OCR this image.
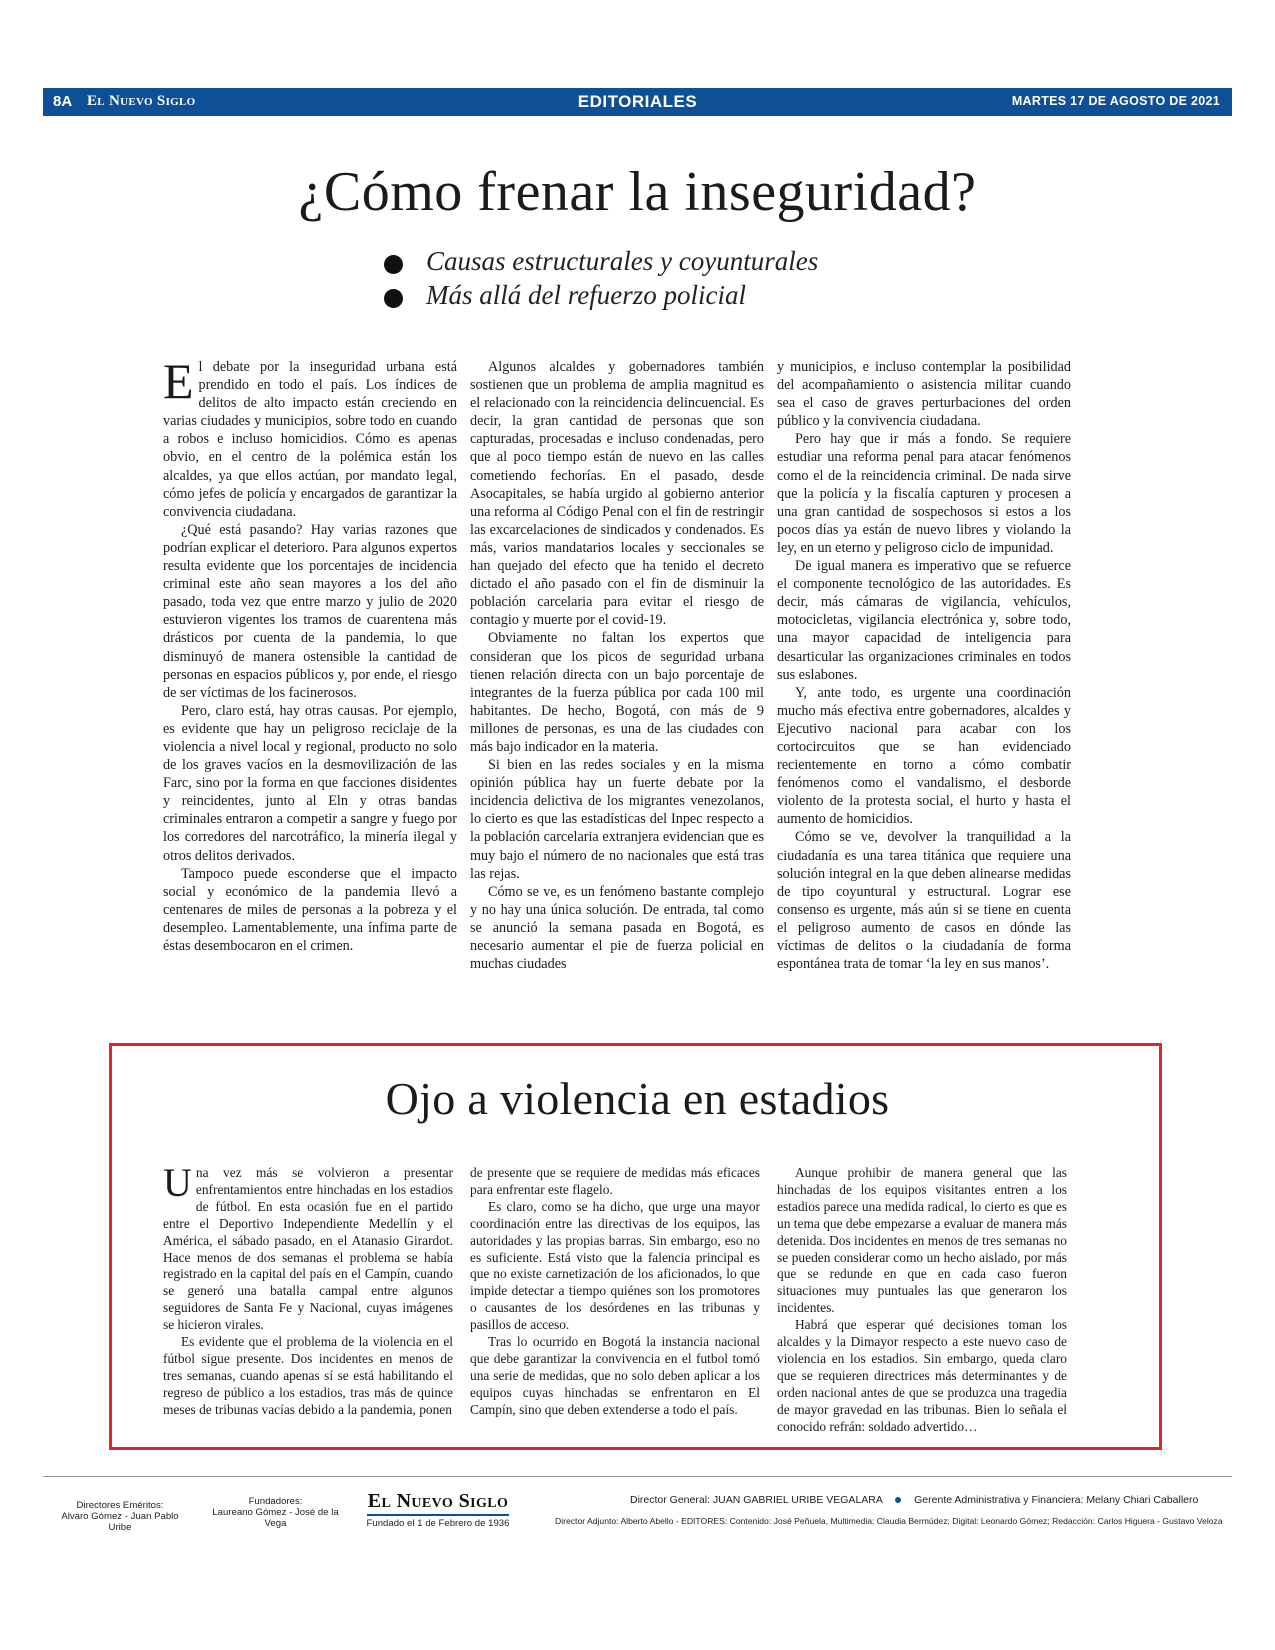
8A El Nuevo Siglo	EDITORIALES	MARTES 17 DE AGOSTO DE 2021
¿Cómo frenar la inseguridad?
Causas estructurales y coyunturales
Más allá del refuerzo policial

El debate por la inseguridad urbana está prendido en todo el país. Los índices de delitos de alto impacto están creciendo en varias ciudades y municipios, sobre todo en cuando a robos e incluso homicidios. Cómo es apenas obvio, en el centro de la polémica están los alcaldes, ya que ellos actúan, por mandato legal, cómo jefes de policía y encargados de garantizar la convivencia ciudadana.

¿Qué está pasando? Hay varias razones que podrían explicar el deterioro. Para algunos expertos resulta evidente que los porcentajes de incidencia criminal este año sean mayores a los del año pasado, toda vez que entre marzo y julio de 2020 estuvieron vigentes los tramos de cuarentena más drásticos por cuenta de la pandemia, lo que disminuyó de manera ostensible la cantidad de personas en espacios públicos y, por ende, el riesgo de ser víctimas de los facinerosos.

Pero, claro está, hay otras causas. Por ejemplo, es evidente que hay un peligroso reciclaje de la violencia a nivel local y regional, producto no solo de los graves vacíos en la desmovilización de las Farc, sino por la forma en que facciones disidentes y reincidentes, junto al Eln y otras bandas criminales entraron a competir a sangre y fuego por los corredores del narcotráfico, la minería ilegal y otros delitos derivados.

Tampoco puede esconderse que el impacto social y económico de la pandemia llevó a centenares de miles de personas a la pobreza y el desempleo. Lamentablemente, una ínfima parte de éstas desembocaron en el crimen.

Algunos alcaldes y gobernadores también sostienen que un problema de amplia magnitud es el relacionado con la reincidencia delincuencial. Es decir, la gran cantidad de personas que son capturadas, procesadas e incluso condenadas, pero que al poco tiempo están de nuevo en las calles cometiendo fechorías. En el pasado, desde Asocapitales, se había urgido al gobierno anterior una reforma al Código Penal con el fin de restringir las excarcelaciones de sindicados y condenados. Es más, varios mandatarios locales y seccionales se han quejado del efecto que ha tenido el decreto dictado el año pasado con el fin de disminuir la población carcelaria para evitar el riesgo de contagio y muerte por el covid-19.

Obviamente no faltan los expertos que consideran que los picos de seguridad urbana tienen relación directa con un bajo porcentaje de integrantes de la fuerza pública por cada 100 mil habitantes. De hecho, Bogotá, con más de 9 millones de personas, es una de las ciudades con más bajo indicador en la materia.

Si bien en las redes sociales y en la misma opinión pública hay un fuerte debate por la incidencia delictiva de los migrantes venezolanos, lo cierto es que las estadísticas del Inpec respecto a la población carcelaria extranjera evidencian que es muy bajo el número de no nacionales que está tras las rejas.

Cómo se ve, es un fenómeno bastante complejo y no hay una única solución. De entrada, tal como se anunció la semana pasada en Bogotá, es necesario aumentar el pie de fuerza policial en muchas ciudades

y municipios, e incluso contemplar la posibilidad del acompañamiento o asistencia militar cuando sea el caso de graves perturbaciones del orden público y la convivencia ciudadana.

Pero hay que ir más a fondo. Se requiere estudiar una reforma penal para atacar fenómenos como el de la reincidencia criminal. De nada sirve que la policía y la fiscalía capturen y procesen a una gran cantidad de sospechosos si estos a los pocos días ya están de nuevo libres y violando la ley, en un eterno y peligroso ciclo de impunidad.

De igual manera es imperativo que se refuerce el componente tecnológico de las autoridades. Es decir, más cámaras de vigilancia, vehículos, motocicletas, vigilancia electrónica y, sobre todo, una mayor capacidad de inteligencia para desarticular las organizaciones criminales en todos sus eslabones.

Y, ante todo, es urgente una coordinación mucho más efectiva entre gobernadores, alcaldes y Ejecutivo nacional para acabar con los cortocircuitos que se han evidenciado recientemente en torno a cómo combatir fenómenos como el vandalismo, el desborde violento de la protesta social, el hurto y hasta el aumento de homicidios.

Cómo se ve, devolver la tranquilidad a la ciudadanía es una tarea titánica que requiere una solución integral en la que deben alinearse medidas de tipo coyuntural y estructural. Lograr ese consenso es urgente, más aún si se tiene en cuenta el peligroso aumento de casos en dónde las víctimas de delitos o la ciudadanía de forma espontánea trata de tomar ‘la ley en sus manos’.

Ojo a violencia en estadios

Una vez más se volvieron a presentar enfrentamientos entre hinchadas en los estadios de fútbol. En esta ocasión fue en el partido entre el Deportivo Independiente Medellín y el América, el sábado pasado, en el Atanasio Girardot. Hace menos de dos semanas el problema se había registrado en la capital del país en el Campín, cuando se generó una batalla campal entre algunos seguidores de Santa Fe y Nacional, cuyas imágenes se hicieron virales.

Es evidente que el problema de la violencia en el fútbol sigue presente. Dos incidentes en menos de tres semanas, cuando apenas sí se está habilitando el regreso de público a los estadios, tras más de quince meses de tribunas vacías debido a la pandemia, ponen

de presente que se requiere de medidas más eficaces para enfrentar este flagelo.

Es claro, como se ha dicho, que urge una mayor coordinación entre las directivas de los equipos, las autoridades y las propias barras. Sin embargo, eso no es suficiente. Está visto que la falencia principal es que no existe carnetización de los aficionados, lo que impide detectar a tiempo quiénes son los promotores o causantes de los desórdenes en las tribunas y pasillos de acceso.

Tras lo ocurrido en Bogotá la instancia nacional que debe garantizar la convivencia en el futbol tomó una serie de medidas, que no solo deben aplicar a los equipos cuyas hinchadas se enfrentaron en El Campín, sino que deben extenderse a todo el país.

Aunque prohibir de manera general que las hinchadas de los equipos visitantes entren a los estadios parece una medida radical, lo cierto es que es un tema que debe empezarse a evaluar de manera más detenida. Dos incidentes en menos de tres semanas no se pueden considerar como un hecho aislado, por más que se redunde en que en cada caso fueron situaciones muy puntuales las que generaron los incidentes.

Habrá que esperar qué decisiones toman los alcaldes y la Dimayor respecto a este nuevo caso de violencia en los estadios. Sin embargo, queda claro que se requieren directrices más determinantes y de orden nacional antes de que se produzca una tragedia de mayor gravedad en las tribunas. Bien lo señala el conocido refrán: soldado advertido…

Directores Eméritos:
Alvaro Gómez - Juan Pablo Uribe
Fundadores:
Laureano Gómez - José de la Vega
El Nuevo Siglo
Fundado el 1 de Febrero de 1936
Director General: JUAN GABRIEL URIBE VEGALARA	Gerente Administrativa y Financiera: Melany Chiari Caballero
Director Adjunto: Alberto Abello - EDITORES: Contenido: José Peñuela, Multimedia: Claudia Bermúdez; Digital: Leonardo Gómez; Redacción: Carlos Higuera - Gustavo Veloza
